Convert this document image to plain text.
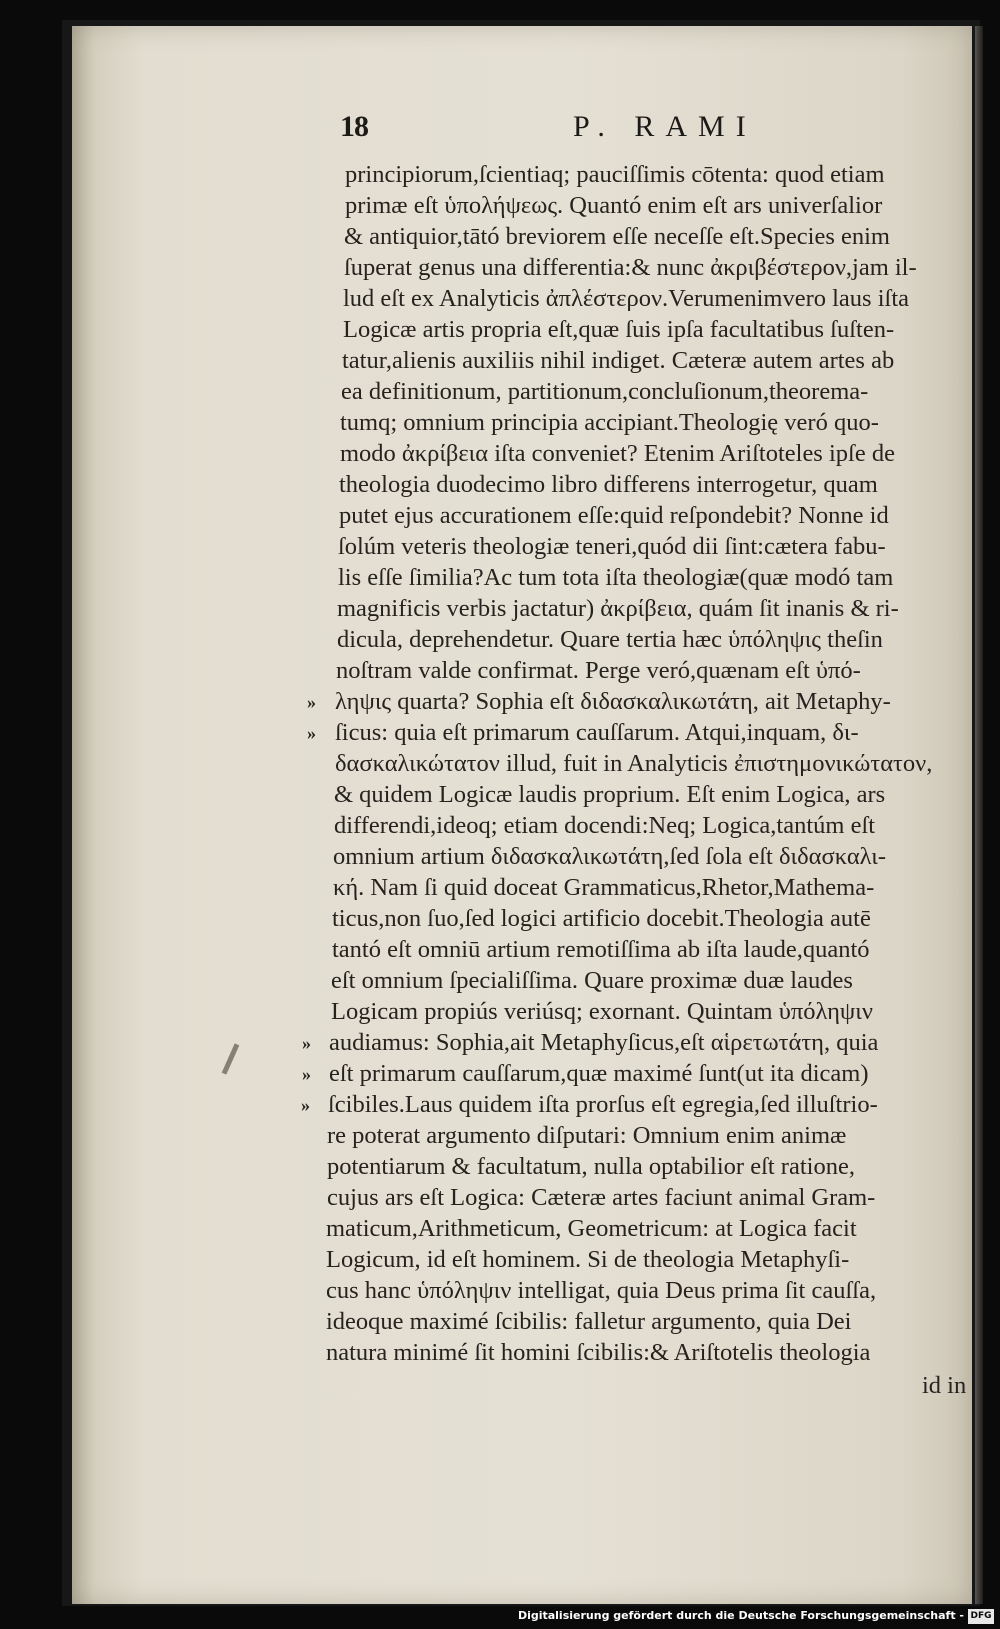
18	P. RAMI
principiorum,ſcientiaq; pauciſſimis cōtenta: quod etiam
primæ eſt ὑπολήψεως. Quantó enim eſt ars univerſalior
& antiquior,tātó breviorem eſſe neceſſe eſt.Species enim
ſuperat genus una differentia:& nunc ἀκριβέστερον,jam il-
lud eſt ex Analyticis ἀπλέστερον.Verumenimvero laus iſta
Logicæ artis propria eſt,quæ ſuis ipſa facultatibus ſuſten-
tatur,alienis auxiliis nihil indiget. Cæteræ autem artes ab
ea definitionum, partitionum,concluſionum,theorema-
tumq; omnium principia accipiant.Theologię veró quo-
modo ἀκρίβεια iſta conveniet? Etenim Ariſtoteles ipſe de
theologia duodecimo libro differens interrogetur, quam
putet ejus accurationem eſſe:quid reſpondebit? Nonne id
ſolúm veteris theologiæ teneri,quód dii ſint:cætera fabu-
lis eſſe ſimilia?Ac tum tota iſta theologiæ(quæ modó tam
magnificis verbis jactatur) ἀκρίβεια, quám ſit inanis & ri-
dicula, deprehendetur. Quare tertia hæc ὑπόληψις theſin
noſtram valde confirmat. Perge veró,quænam eſt ὑπό-
ληψις quarta? Sophia eſt διδασκαλικωτάτη, ait Metaphy-
ſicus: quia eſt primarum cauſſarum. Atqui,inquam, δι-
δασκαλικώτατον illud, fuit in Analyticis ἐπιστημονικώτατον,
& quidem Logicæ laudis proprium. Eſt enim Logica, ars
differendi,ideoq; etiam docendi:Neq; Logica,tantúm eſt
omnium artium διδασκαλικωτάτη,ſed ſola eſt διδασκαλι-
κή. Nam ſi quid doceat Grammaticus,Rhetor,Mathema-
ticus,non ſuo,ſed logici artificio docebit.Theologia autē
tantó eſt omniū artium remotiſſima ab iſta laude,quantó
eſt omnium ſpecialiſſima. Quare proximæ duæ laudes
Logicam propiús veriúsq; exornant. Quintam ὑπόληψιν
audiamus: Sophia,ait Metaphyſicus,eſt αἱρετωτάτη, quia
eſt primarum cauſſarum,quæ maximé ſunt(ut ita dicam)
ſcibiles.Laus quidem iſta prorſus eſt egregia,ſed illuſtrio-
re poterat argumento diſputari: Omnium enim animæ
potentiarum & facultatum, nulla optabilior eſt ratione,
cujus ars eſt Logica: Cæteræ artes faciunt animal Gram-
maticum,Arithmeticum, Geometricum: at Logica facit
Logicum, id eſt hominem. Si de theologia Metaphyſi-
cus hanc ὑπόληψιν intelligat, quia Deus prima ſit cauſſa,
ideoque maximé ſcibilis: falletur argumento, quia Dei
natura minimé ſit homini ſcibilis:& Ariſtotelis theologia
»
»
»
»
»
id in
Digitalisierung gefördert durch die Deutsche Forschungsgemeinschaft - DFG
